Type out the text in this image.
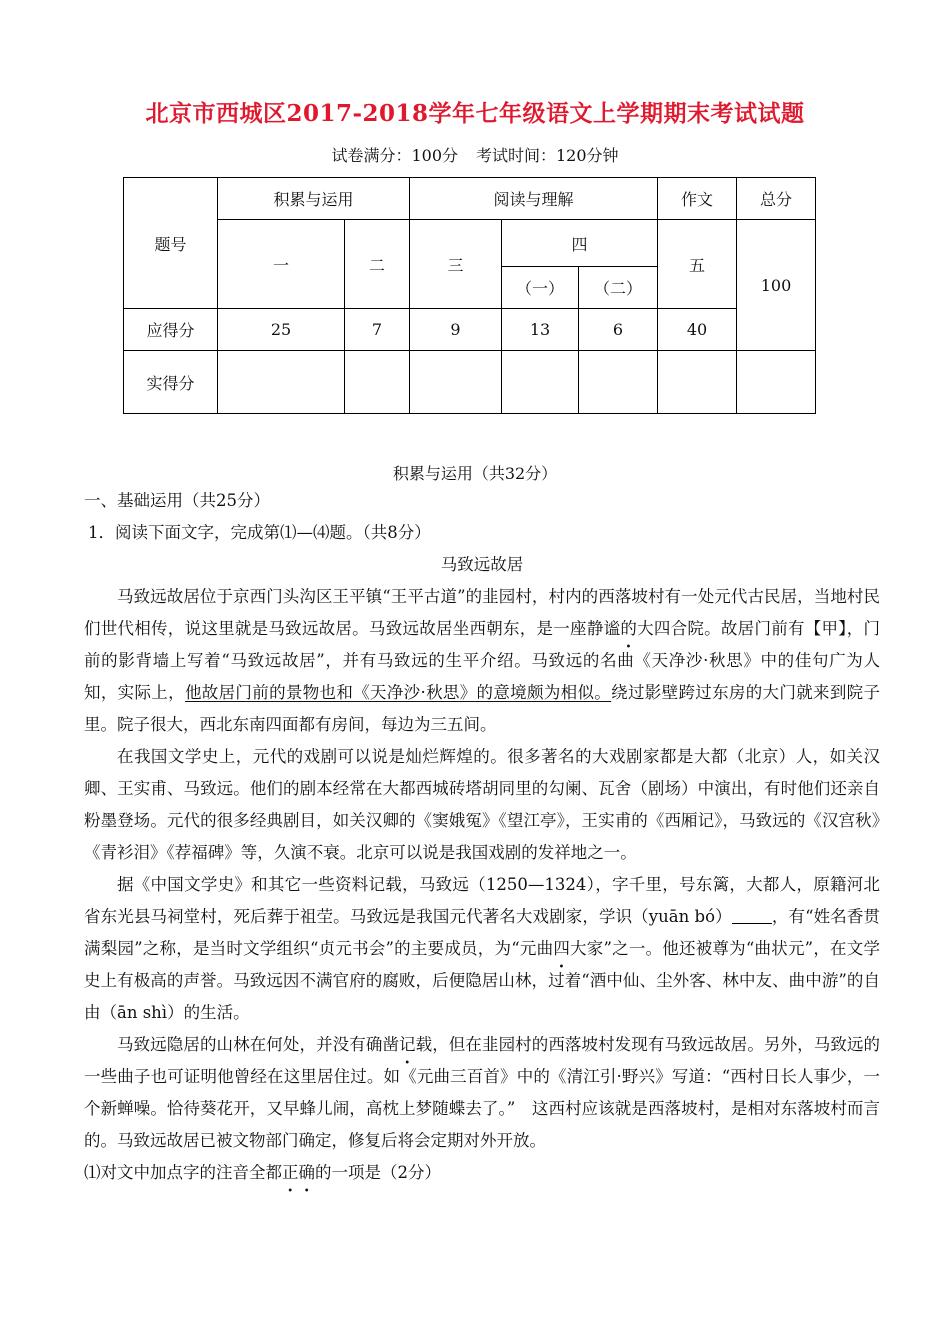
北京市西城区2017-2018学年七年级语文上学期期末考试试题
试卷满分：100分 考试时间：120分钟
题号	积累与运用		阅读与理解			作文	总分
	一	二	三	四		五	100
				（一）	（二）		
应得分	25	7	9	13	6	40	
实得分							
积累与运用（共32分）

一、基础运用（共25分）

1．阅读下面文字，完成第⑴—⑷题。（共8分）

马致远故居

马致远故居位于京西门头沟区王平镇“王平古道”的韭园村，村内的西落坡村有一处元代古民居，当地村民们世代相传，说这里就是马致远故居。马致远故居坐西朝东，是一座静谧的大四合院。故居门前有【甲】，门前的影背墙上写着“马致远故居”，并有马致远的生平介绍。马致远的名曲《天净沙·秋思》中的佳句广为人知，实际上，他故居门前的景物也和《天净沙·秋思》的意境颇为相似。绕过影壁跨过东房的大门就来到院子里。院子很大，西北东南四面都有房间，每边为三五间。

在我国文学史上，元代的戏剧可以说是灿烂辉煌的。很多著名的大戏剧家都是大都（北京）人，如关汉卿、王实甫、马致远。他们的剧本经常在大都西城砖塔胡同里的勾阑、瓦舍（剧场）中演出，有时他们还亲自粉墨登场。元代的很多经典剧目，如关汉卿的《窦娥冤》《望江亭》，王实甫的《西厢记》，马致远的《汉宫秋》《青衫泪》《荐福碑》等，久演不衰。北京可以说是我国戏剧的发祥地之一。

据《中国文学史》和其它一些资料记载，马致远（1250—1324），字千里，号东篱，大都人，原籍河北省东光县马祠堂村，死后葬于祖茔。马致远是我国元代著名大戏剧家，学识（yuān bó） ，有“姓名香贯满梨园”之称，是当时文学组织“贞元书会”的主要成员，为“元曲四大家”之一。他还被尊为“曲状元”，在文学史上有极高的声誉。马致远因不满官府的腐败，后便隐居山林，过着“酒中仙、尘外客、林中友、曲中游”的自由（ān shì）的生活。

马致远隐居的山林在何处，并没有确凿记载，但在韭园村的西落坡村发现有马致远故居。另外，马致远的一些曲子也可证明他曾经在这里居住过。如《元曲三百首》中的《清江引·野兴》写道：“西村日长人事少，一个新蝉噪。恰待葵花开，又早蜂儿闹，高枕上梦随蝶去了。”　这西村应该就是西落坡村，是相对东落坡村而言的。马致远故居已被文物部门确定，修复后将会定期对外开放。

⑴对文中加点字的注音全都正确的一项是（2分）
